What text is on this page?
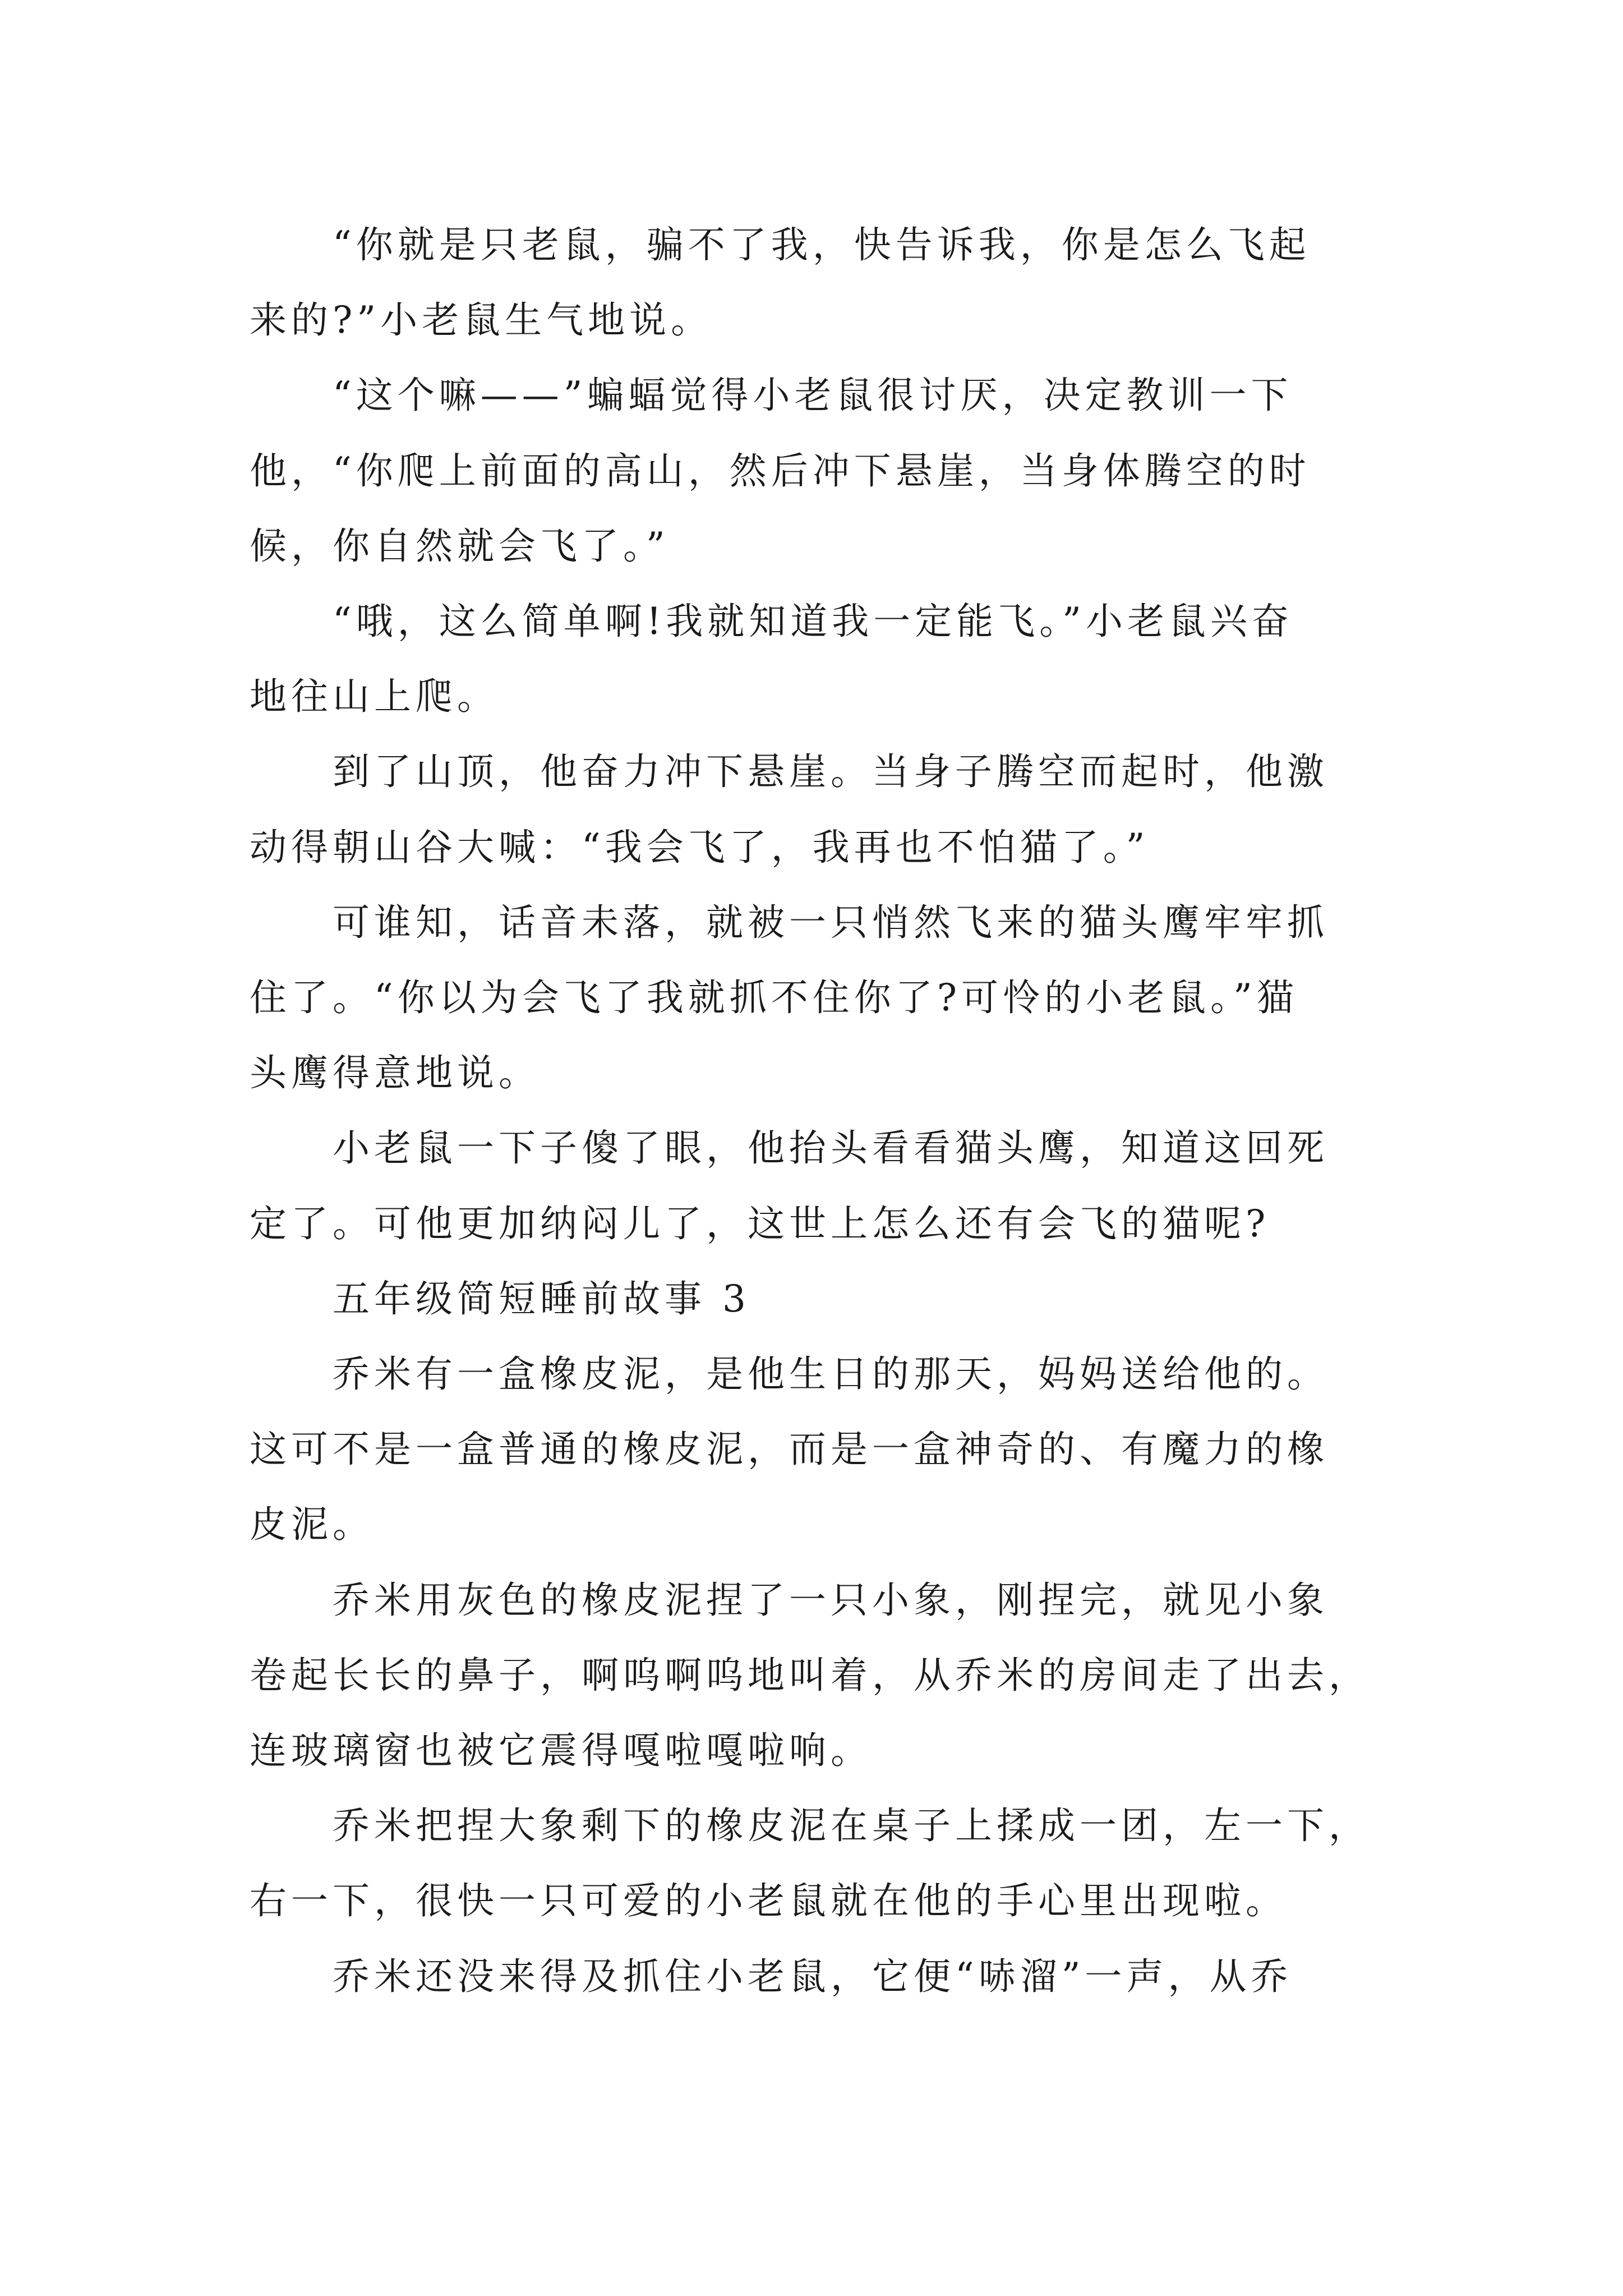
“你就是只老鼠，骗不了我，快告诉我，你是怎么飞起
来的?”小老鼠生气地说。

“这个嘛——”蝙蝠觉得小老鼠很讨厌，决定教训一下
他，“你爬上前面的高山，然后冲下悬崖，当身体腾空的时
候，你自然就会飞了。”

“哦，这么简单啊!我就知道我一定能飞。”小老鼠兴奋
地往山上爬。

到了山顶，他奋力冲下悬崖。当身子腾空而起时，他激
动得朝山谷大喊：“我会飞了，我再也不怕猫了。”

可谁知，话音未落，就被一只悄然飞来的猫头鹰牢牢抓
住了。“你以为会飞了我就抓不住你了?可怜的小老鼠。”猫
头鹰得意地说。

小老鼠一下子傻了眼，他抬头看看猫头鹰，知道这回死
定了。可他更加纳闷儿了，这世上怎么还有会飞的猫呢?

五年级简短睡前故事 3

乔米有一盒橡皮泥，是他生日的那天，妈妈送给他的。
这可不是一盒普通的橡皮泥，而是一盒神奇的、有魔力的橡
皮泥。

乔米用灰色的橡皮泥捏了一只小象，刚捏完，就见小象
卷起长长的鼻子，啊呜啊呜地叫着，从乔米的房间走了出去，
连玻璃窗也被它震得嘎啦嘎啦响。

乔米把捏大象剩下的橡皮泥在桌子上揉成一团，左一下，
右一下，很快一只可爱的小老鼠就在他的手心里出现啦。

乔米还没来得及抓住小老鼠，它便“哧溜”一声，从乔
